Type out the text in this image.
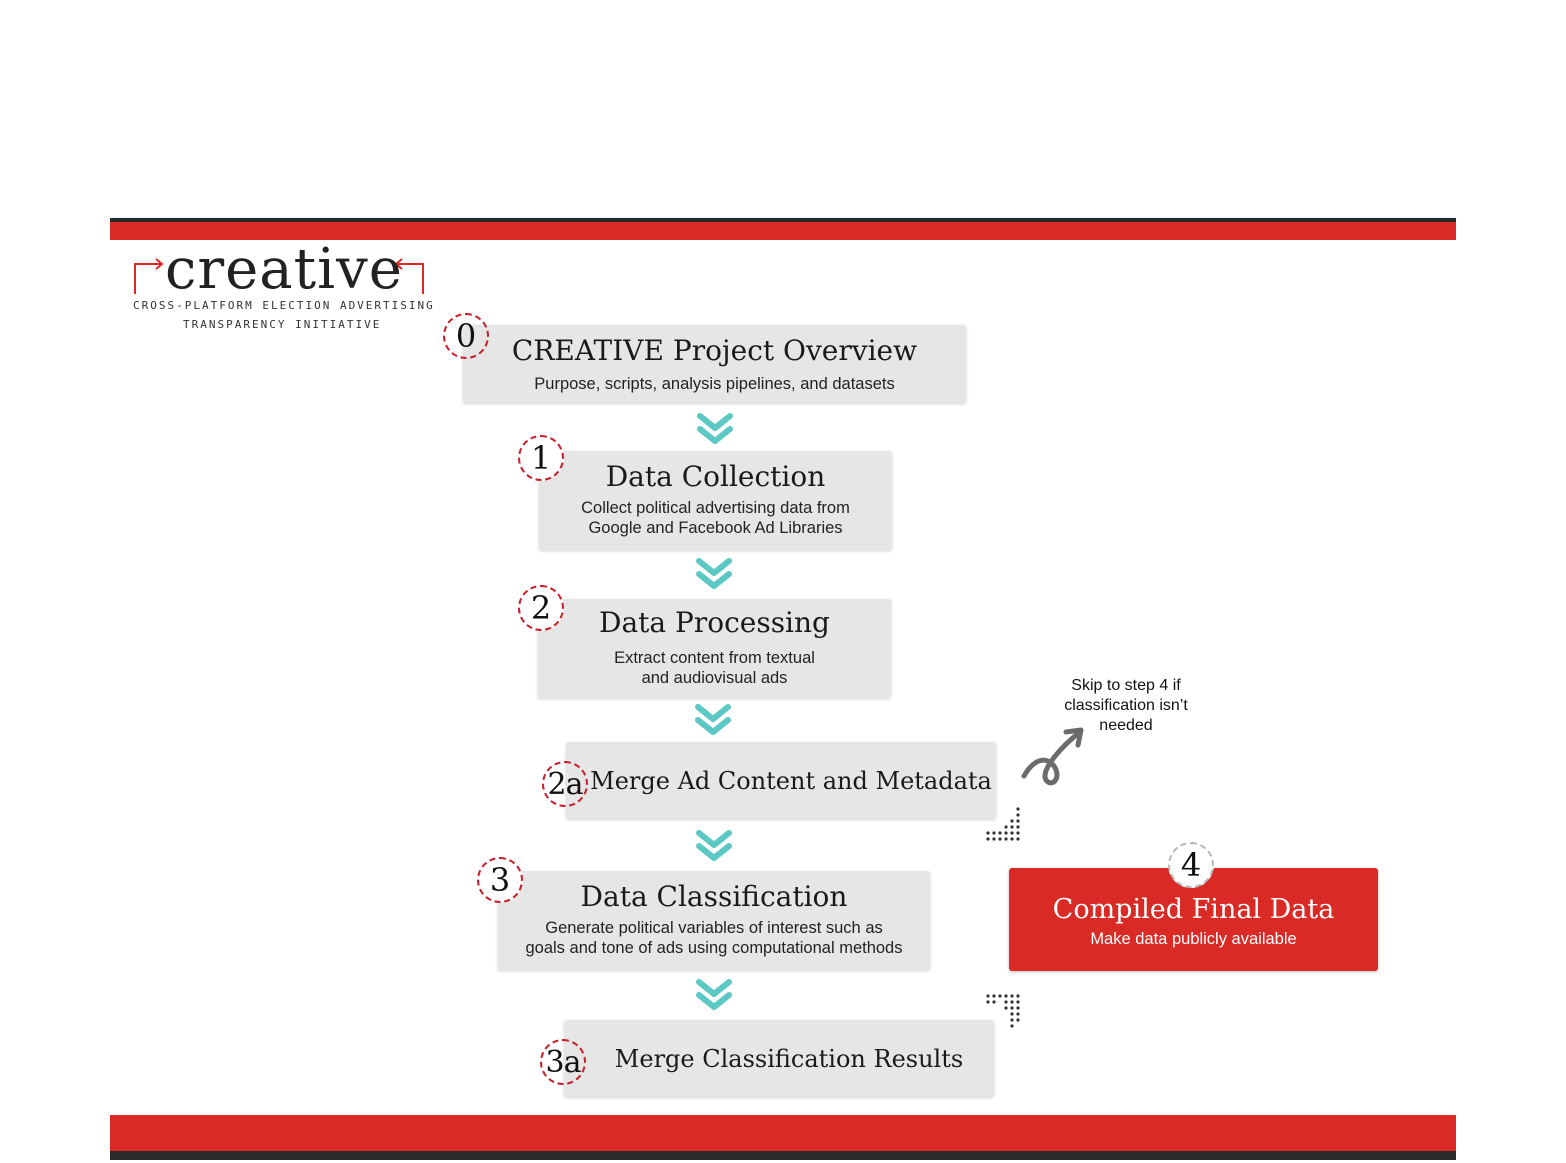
creative
CROSS-PLATFORM ELECTION ADVERTISING
TRANSPARENCY INITIATIVE
CREATIVE Project Overview
Purpose, scripts, analysis pipelines, and datasets
0
Data Collection
Collect political advertising data from
Google and Facebook Ad Libraries
1
Data Processing
Extract content from textual
and audiovisual ads
2
Merge Ad Content and Metadata
2a
Data Classification
Generate political variables of interest such as
goals and tone of ads using computational methods
3
Merge Classification Results
3a
Compiled Final Data
Make data publicly available
4
Skip to step 4 if
classification isn’t
needed
